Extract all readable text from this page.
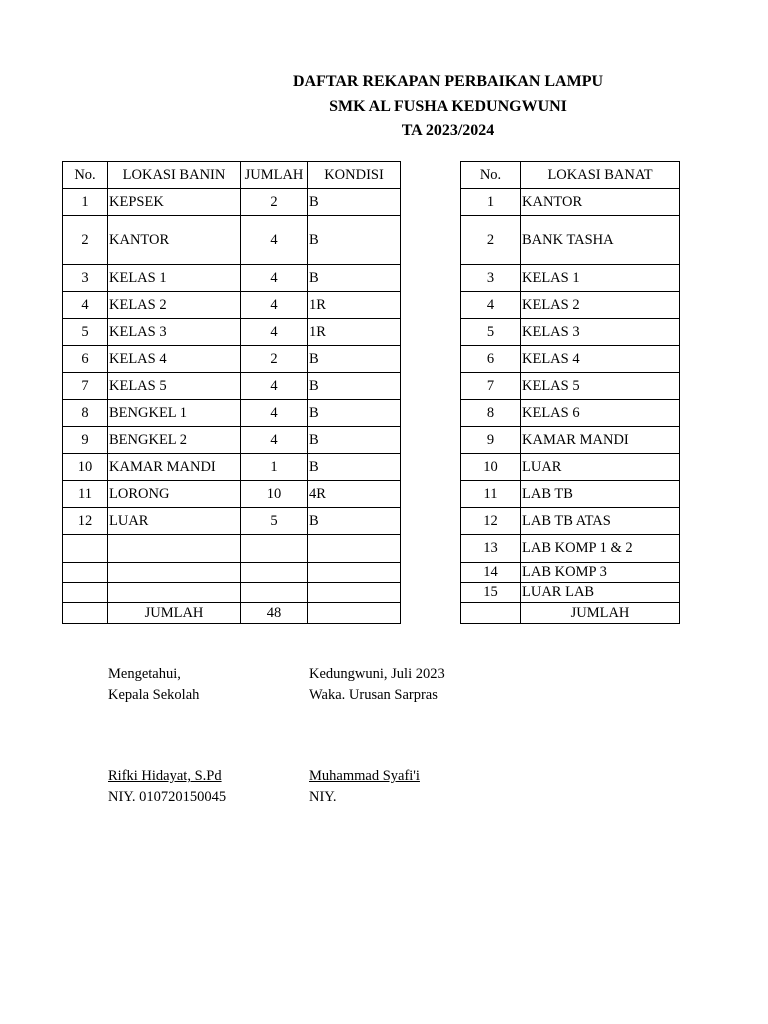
DAFTAR REKAPAN PERBAIKAN LAMPU
SMK AL FUSHA KEDUNGWUNI
TA 2023/2024
No.	LOKASI BANIN	JUMLAH	KONDISI
1	KEPSEK	2	B
2	KANTOR	4	B
3	KELAS 1	4	B
4	KELAS 2	4	1R
5	KELAS 3	4	1R
6	KELAS 4	2	B
7	KELAS 5	4	B
8	BENGKEL 1	4	B
9	BENGKEL 2	4	B
10	KAMAR MANDI	1	B
11	LORONG	10	4R
12	LUAR	5	B

	JUMLAH	48	
No.	LOKASI BANAT
1	KANTOR
2	BANK TASHA
3	KELAS 1
4	KELAS 2
5	KELAS 3
6	KELAS 4
7	KELAS 5
8	KELAS 6
9	KAMAR MANDI
10	LUAR
11	LAB TB
12	LAB TB ATAS
13	LAB KOMP 1 & 2
14	LAB KOMP 3
15	LUAR LAB
	JUMLAH
Mengetahui,
Kepala Sekolah
Rifki Hidayat, S.Pd
NIY. 010720150045
Kedungwuni, Juli 2023
Waka. Urusan Sarpras
Muhammad Syafi'i
NIY.
